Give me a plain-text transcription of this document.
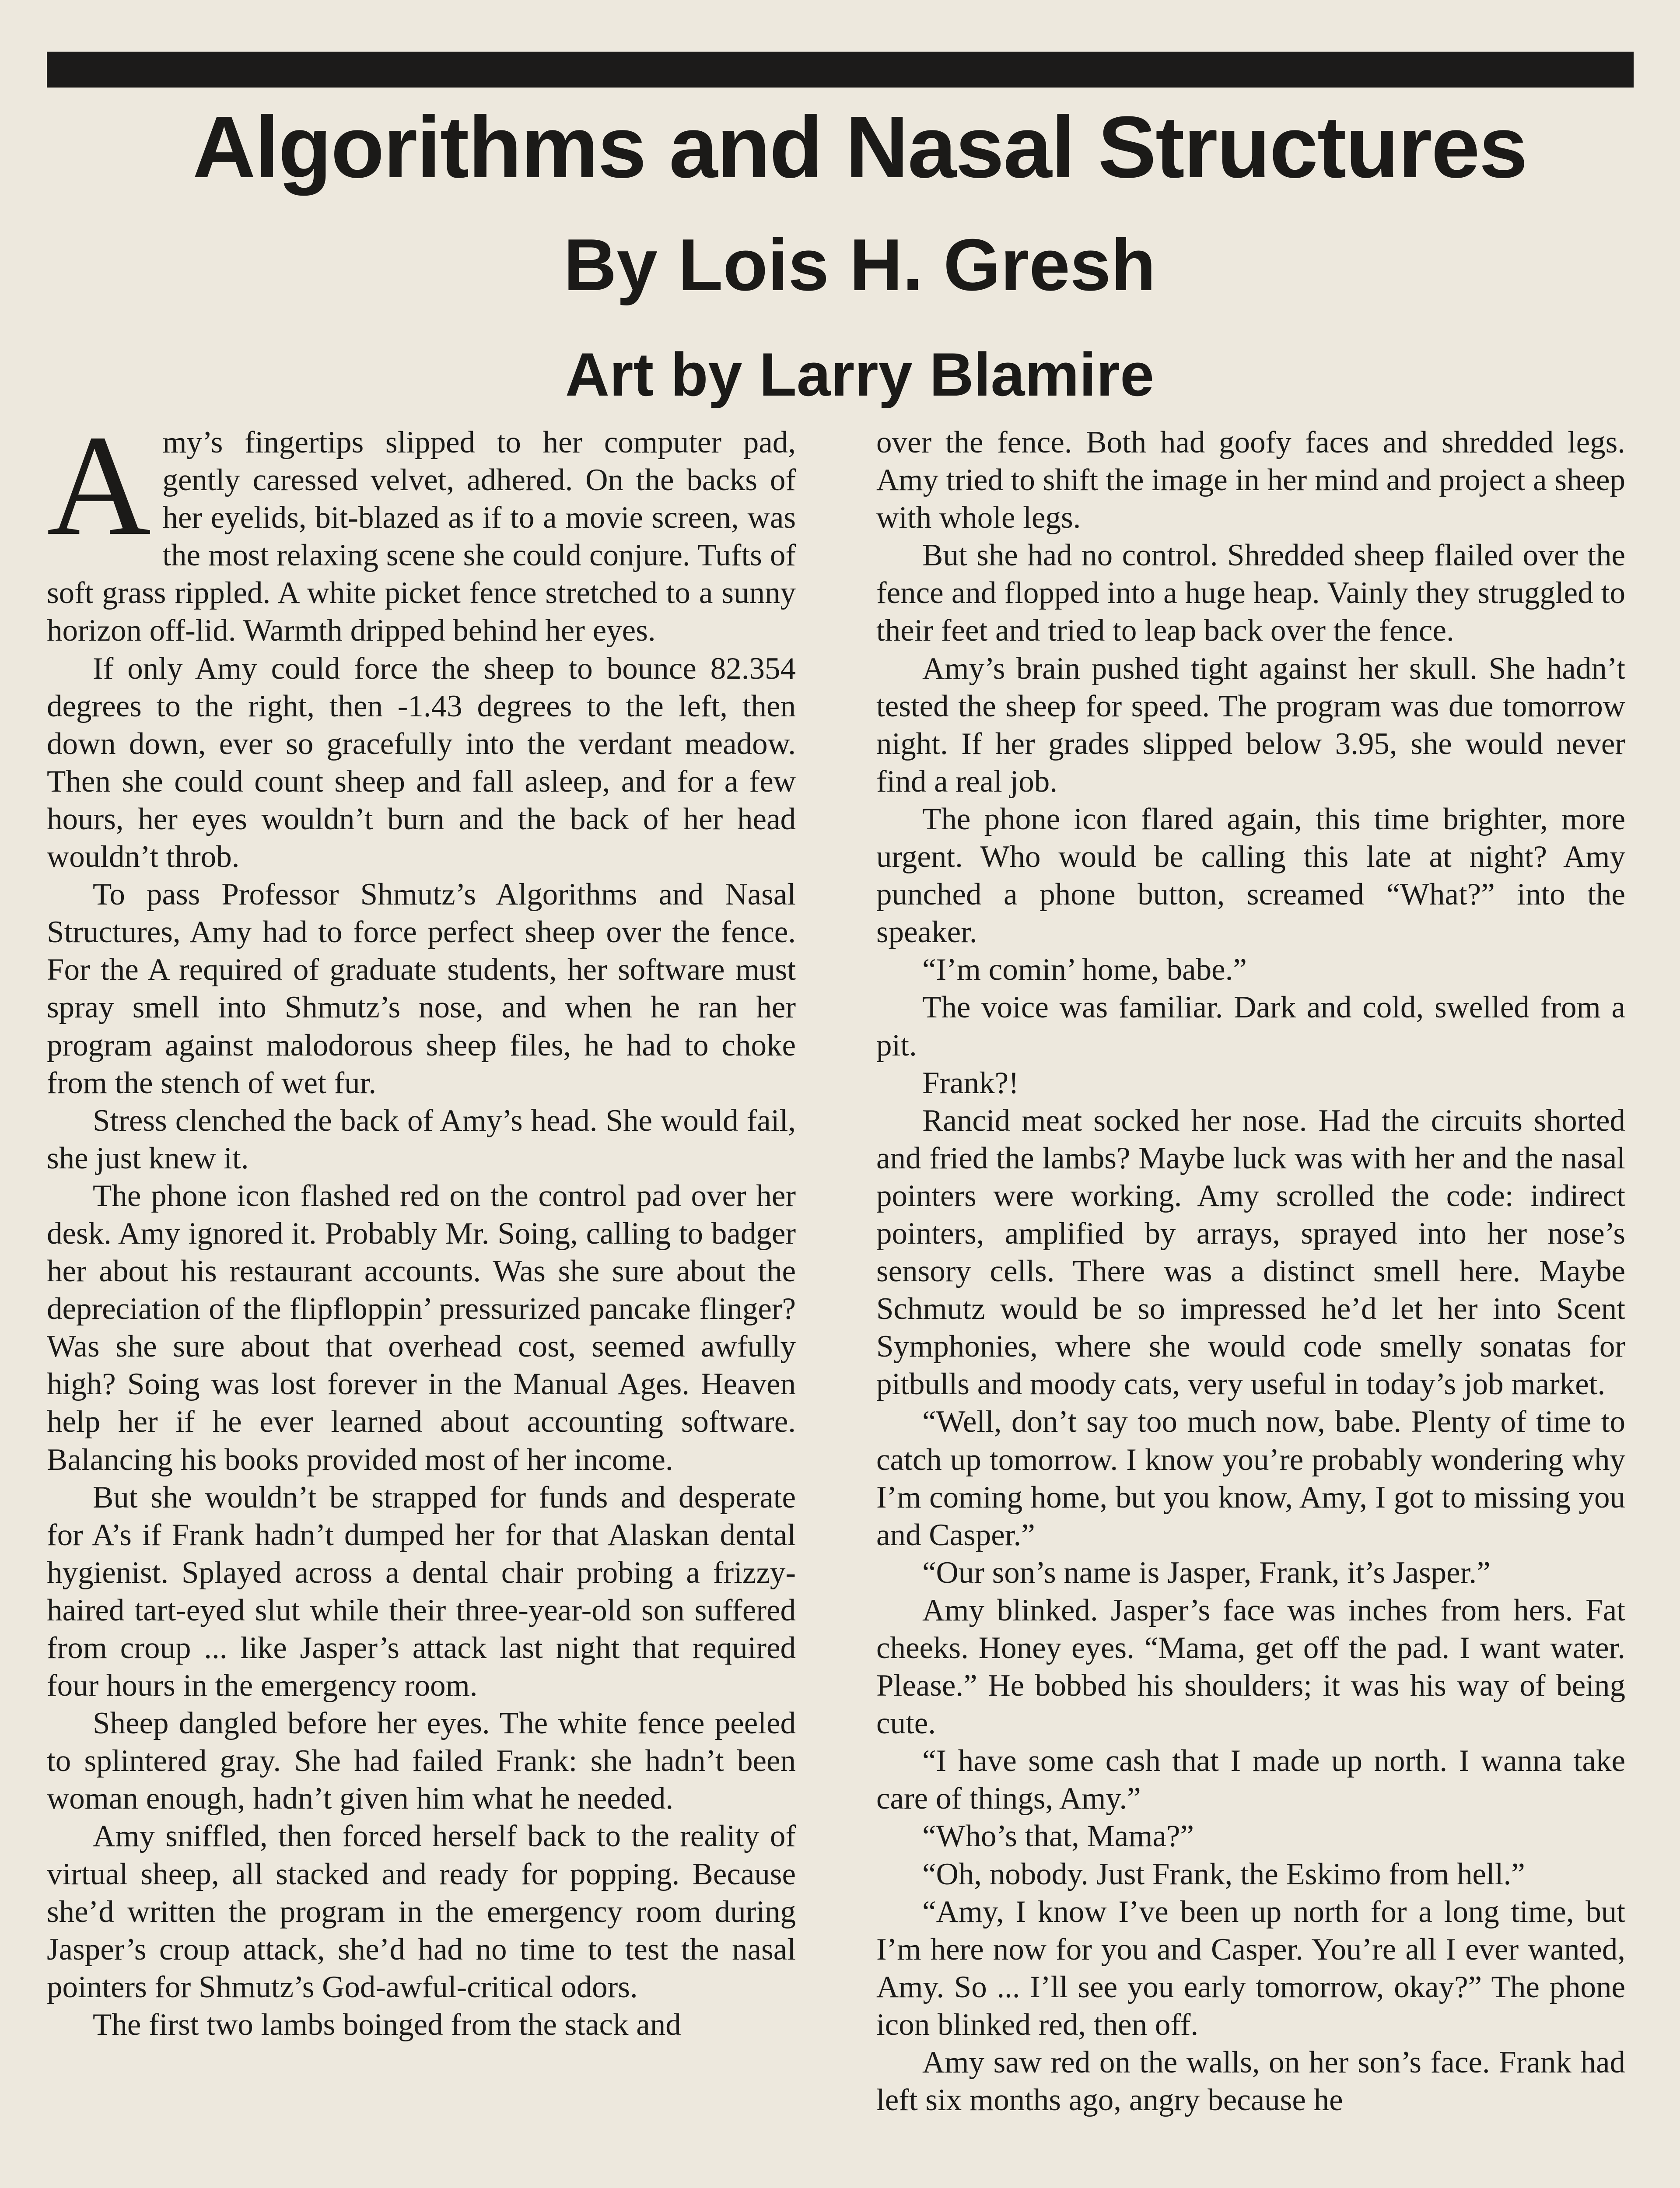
Algorithms and Nasal Structures
By Lois H. Gresh
Art by Larry Blamire

Amy’s fingertips slipped to her computer pad, gently caressed velvet, adhered. On the backs of her eyelids, bit-blazed as if to a movie screen, was the most relaxing scene she could conjure. Tufts of soft grass rippled. A white picket fence stretched to a sunny horizon off-lid. Warmth dripped behind her eyes.

If only Amy could force the sheep to bounce 82.354 degrees to the right, then -1.43 degrees to the left, then down down, ever so gracefully into the verdant meadow. Then she could count sheep and fall asleep, and for a few hours, her eyes wouldn’t burn and the back of her head wouldn’t throb.

To pass Professor Shmutz’s Algorithms and Nasal Structures, Amy had to force perfect sheep over the fence. For the A required of graduate students, her software must spray smell into Shmutz’s nose, and when he ran her program against malodorous sheep files, he had to choke from the stench of wet fur.

Stress clenched the back of Amy’s head. She would fail, she just knew it.

The phone icon flashed red on the control pad over her desk. Amy ignored it. Probably Mr. Soing, calling to badger her about his restaurant accounts. Was she sure about the depreciation of the flipfloppin’ pressurized pancake flinger? Was she sure about that overhead cost, seemed awfully high? Soing was lost forever in the Manual Ages. Heaven help her if he ever learned about accounting software. Balancing his books provided most of her income.

But she wouldn’t be strapped for funds and desperate for A’s if Frank hadn’t dumped her for that Alaskan dental hygienist. Splayed across a dental chair probing a frizzy-haired tart-eyed slut while their three-year-old son suffered from croup ... like Jasper’s attack last night that required four hours in the emergency room.

Sheep dangled before her eyes. The white fence peeled to splintered gray. She had failed Frank: she hadn’t been woman enough, hadn’t given him what he needed.

Amy sniffled, then forced herself back to the reality of virtual sheep, all stacked and ready for popping. Because she’d written the program in the emergency room during Jasper’s croup attack, she’d had no time to test the nasal pointers for Shmutz’s God-awful-critical odors.

The first two lambs boinged from the stack and

over the fence. Both had goofy faces and shredded legs. Amy tried to shift the image in her mind and project a sheep with whole legs.

But she had no control. Shredded sheep flailed over the fence and flopped into a huge heap. Vainly they struggled to their feet and tried to leap back over the fence.

Amy’s brain pushed tight against her skull. She hadn’t tested the sheep for speed. The program was due tomorrow night. If her grades slipped below 3.95, she would never find a real job.

The phone icon flared again, this time brighter, more urgent. Who would be calling this late at night? Amy punched a phone button, screamed “What?” into the speaker.

“I’m comin’ home, babe.”

The voice was familiar. Dark and cold, swelled from a pit.

Frank?!

Rancid meat socked her nose. Had the circuits shorted and fried the lambs? Maybe luck was with her and the nasal pointers were working. Amy scrolled the code: indirect pointers, amplified by arrays, sprayed into her nose’s sensory cells. There was a distinct smell here. Maybe Schmutz would be so impressed he’d let her into Scent Symphonies, where she would code smelly sonatas for pitbulls and moody cats, very useful in today’s job market.

“Well, don’t say too much now, babe. Plenty of time to catch up tomorrow. I know you’re probably wondering why I’m coming home, but you know, Amy, I got to missing you and Casper.”

“Our son’s name is Jasper, Frank, it’s Jasper.”

Amy blinked. Jasper’s face was inches from hers. Fat cheeks. Honey eyes. “Mama, get off the pad. I want water. Please.” He bobbed his shoulders; it was his way of being cute.

“I have some cash that I made up north. I wanna take care of things, Amy.”

“Who’s that, Mama?”

“Oh, nobody. Just Frank, the Eskimo from hell.”

“Amy, I know I’ve been up north for a long time, but I’m here now for you and Casper. You’re all I ever wanted, Amy. So ... I’ll see you early tomorrow, okay?” The phone icon blinked red, then off.

Amy saw red on the walls, on her son’s face. Frank had left six months ago, angry because he
